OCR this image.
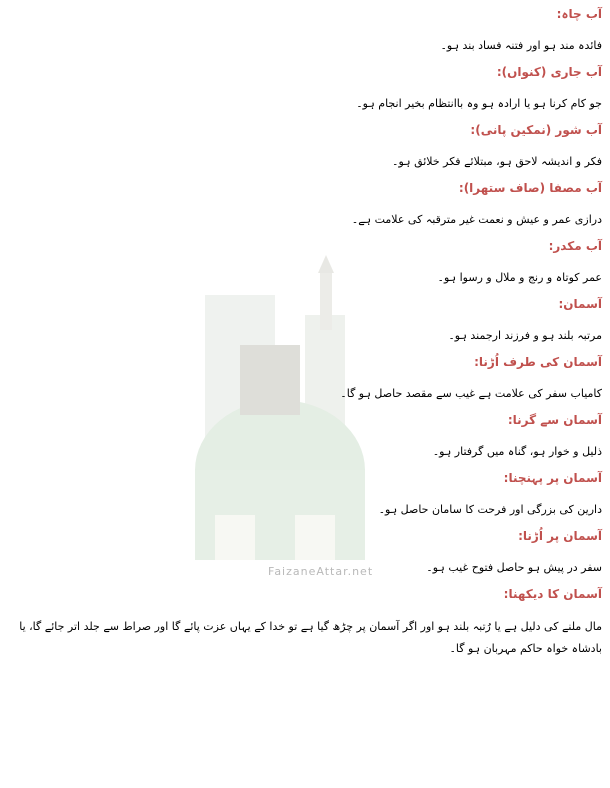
FaizaneAttar.net
آب چاہ:
فائدہ مند ہو اور فتنہ فساد بند ہو۔
آب جاری (کنواں):
جو کام کرنا ہو یا ارادہ ہو وہ باانتظام بخیر انجام ہو۔
آب شور (نمکین پانی):
فکر و اندیشہ لاحق ہو، مبتلائے فکر خلائق ہو۔
آب مصفا (صاف ستھرا):
درازی عمر و عیش و نعمت غیر مترقبہ کی علامت ہے۔
آب مکدر:
عمر کوتاہ و رنج و ملال و رسوا ہو۔
آسمان:
مرتبہ بلند ہو و فرزند ارجمند ہو۔
آسمان کی طرف اُڑنا:
کامیاب سفر کی علامت ہے غیب سے مقصد حاصل ہو گا۔
آسمان سے گرنا:
ذلیل و خوار ہو، گناہ میں گرفتار ہو۔
آسمان پر پہنچنا:
دارین کی بزرگی اور فرحت کا سامان حاصل ہو۔
آسمان پر اُڑنا:
سفر در پیش ہو حاصل فتوح غیب ہو۔
آسمان کا دیکھنا:
مال ملنے کی دلیل ہے یا رُتبہ بلند ہو اور اگر آسمان پر چڑھ گیا ہے تو خدا کے یہاں عزت پائے گا اور صراط سے جلد اتر جائے گا، یا بادشاہ خواہ حاکم مہربان ہو گا۔
